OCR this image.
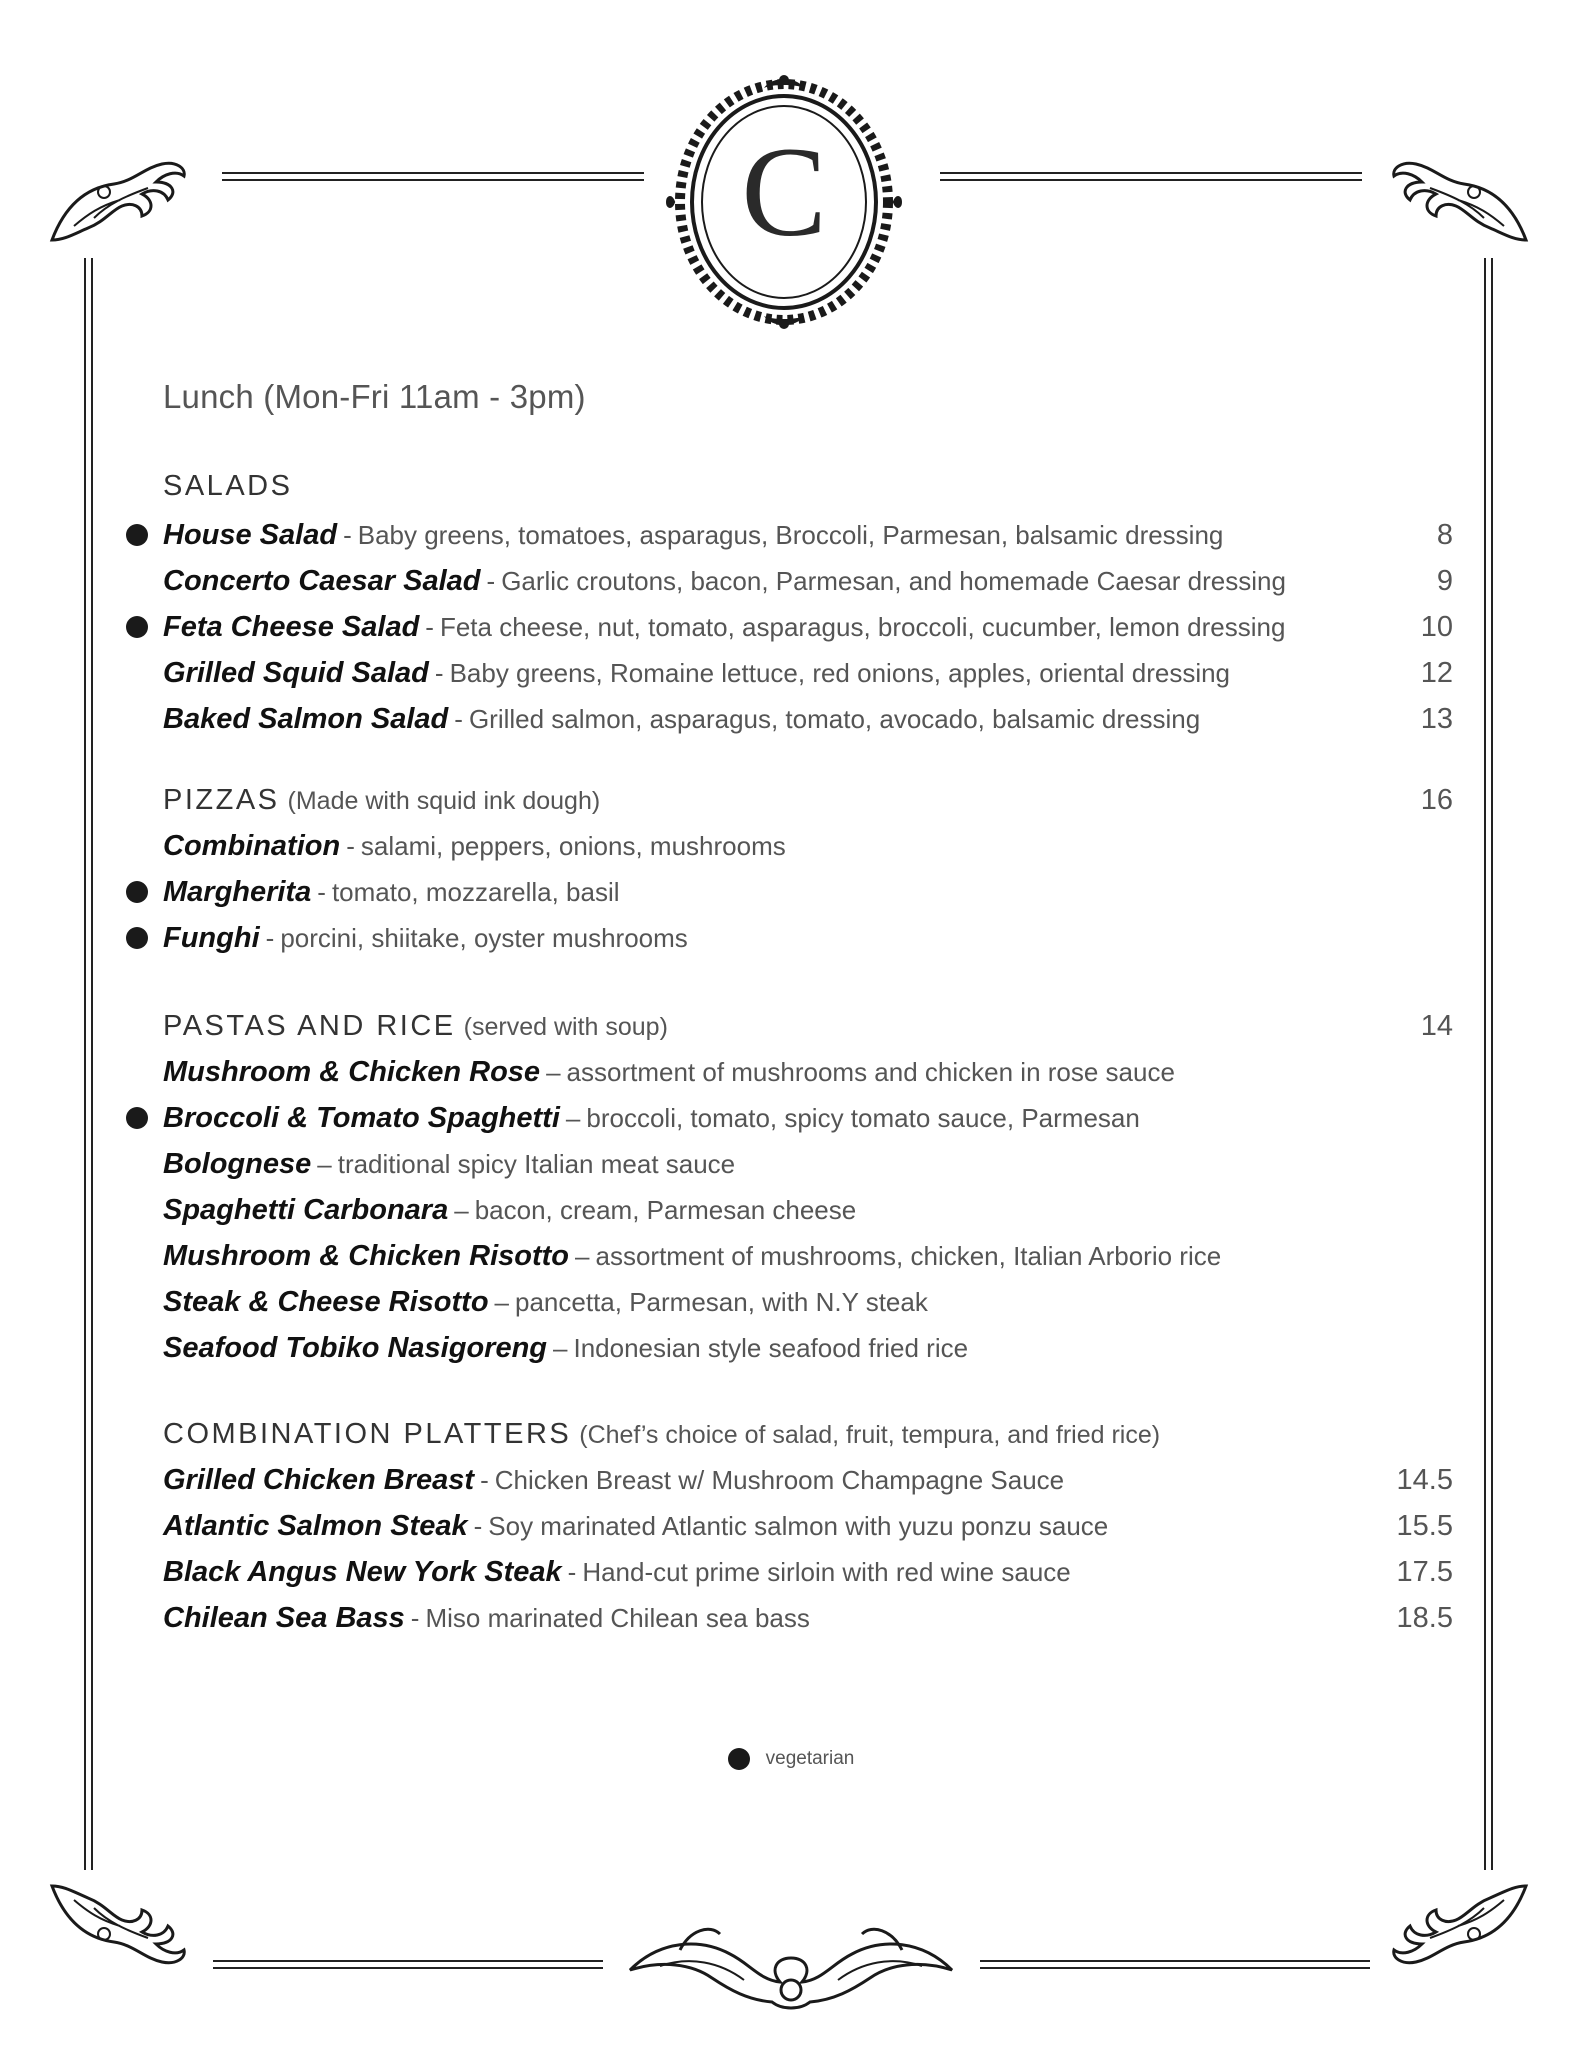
C
Lunch (Mon-Fri 11am - 3pm)
SALADS
House Salad - Baby greens, tomatoes, asparagus, Broccoli, Parmesan, balsamic dressing	8
Concerto Caesar Salad - Garlic croutons, bacon, Parmesan, and homemade Caesar dressing	9
Feta Cheese Salad - Feta cheese, nut, tomato, asparagus, broccoli, cucumber, lemon dressing	10
Grilled Squid Salad - Baby greens, Romaine lettuce, red onions, apples, oriental dressing	12
Baked Salmon Salad - Grilled salmon, asparagus, tomato, avocado, balsamic dressing	13
PIZZAS (Made with squid ink dough)	16
Combination - salami, peppers, onions, mushrooms
Margherita - tomato, mozzarella, basil
Funghi - porcini, shiitake, oyster mushrooms
PASTAS AND RICE (served with soup)	14
Mushroom & Chicken Rose – assortment of mushrooms and chicken in rose sauce
Broccoli & Tomato Spaghetti – broccoli, tomato, spicy tomato sauce, Parmesan
Bolognese – traditional spicy Italian meat sauce
Spaghetti Carbonara – bacon, cream, Parmesan cheese
Mushroom & Chicken Risotto – assortment of mushrooms, chicken, Italian Arborio rice
Steak & Cheese Risotto – pancetta, Parmesan, with N.Y steak
Seafood Tobiko Nasigoreng – Indonesian style seafood fried rice
COMBINATION PLATTERS (Chef’s choice of salad, fruit, tempura, and fried rice)
Grilled Chicken Breast - Chicken Breast w/ Mushroom Champagne Sauce	14.5
Atlantic Salmon Steak - Soy marinated Atlantic salmon with yuzu ponzu sauce	15.5
Black Angus New York Steak - Hand-cut prime sirloin with red wine sauce	17.5
Chilean Sea Bass - Miso marinated Chilean sea bass	18.5
vegetarian
